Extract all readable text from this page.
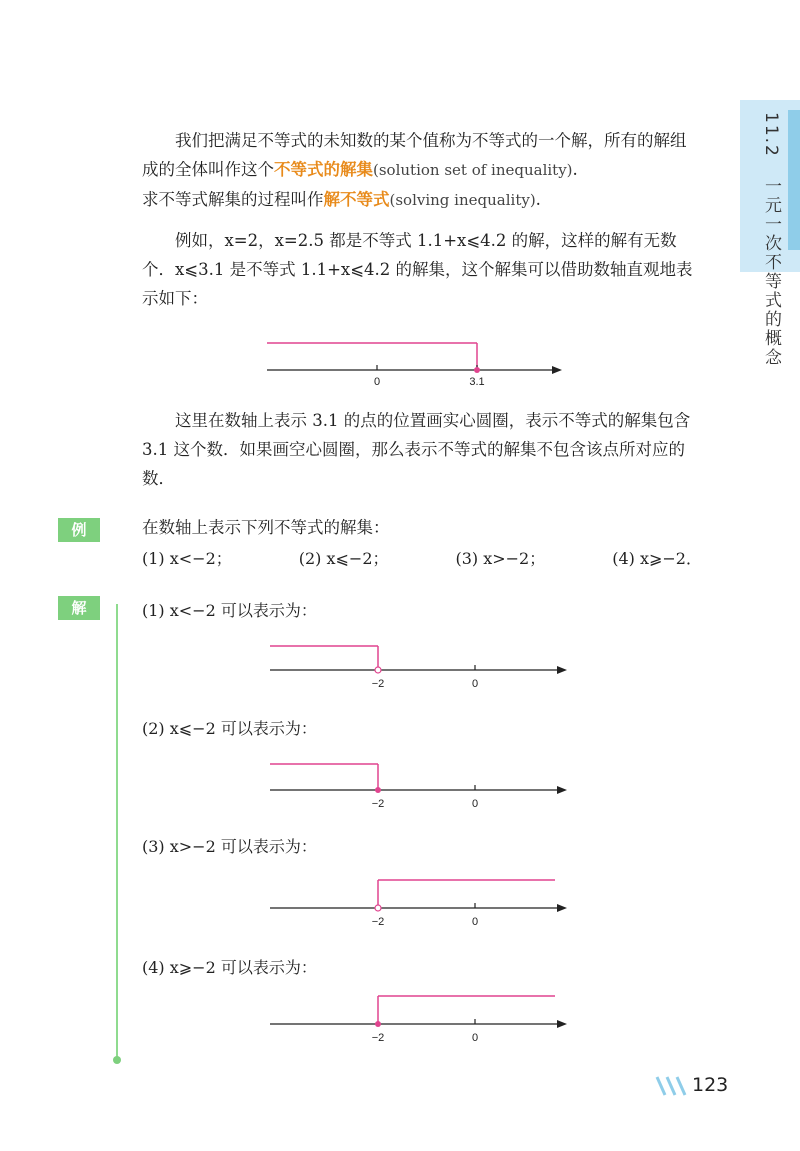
11.2　一元一次不等式的概念

我们把满足不等式的未知数的某个值称为不等式的一个解，所有的解组成的全体叫作这个不等式的解集(solution set of inequality).
求不等式解集的过程叫作解不等式(solving inequality).

例如，x=2，x=2.5 都是不等式 1.1+x⩽4.2 的解，这样的解有无数个．x⩽3.1 是不等式 1.1+x⩽4.2 的解集，这个解集可以借助数轴直观地表示如下：

0	3.1

这里在数轴上表示 3.1 的点的位置画实心圆圈，表示不等式的解集包含 3.1 这个数．如果画空心圆圈，那么表示不等式的解集不包含该点所对应的数．

例	在数轴上表示下列不等式的解集：
(1) x<−2；	(2) x⩽−2；	(3) x>−2；	(4) x⩾−2．
解	(1) x<−2 可以表示为：
−2	0
(2) x⩽−2 可以表示为：
−2	0
(3) x>−2 可以表示为：
−2	0
(4) x⩾−2 可以表示为：
−2	0
123
